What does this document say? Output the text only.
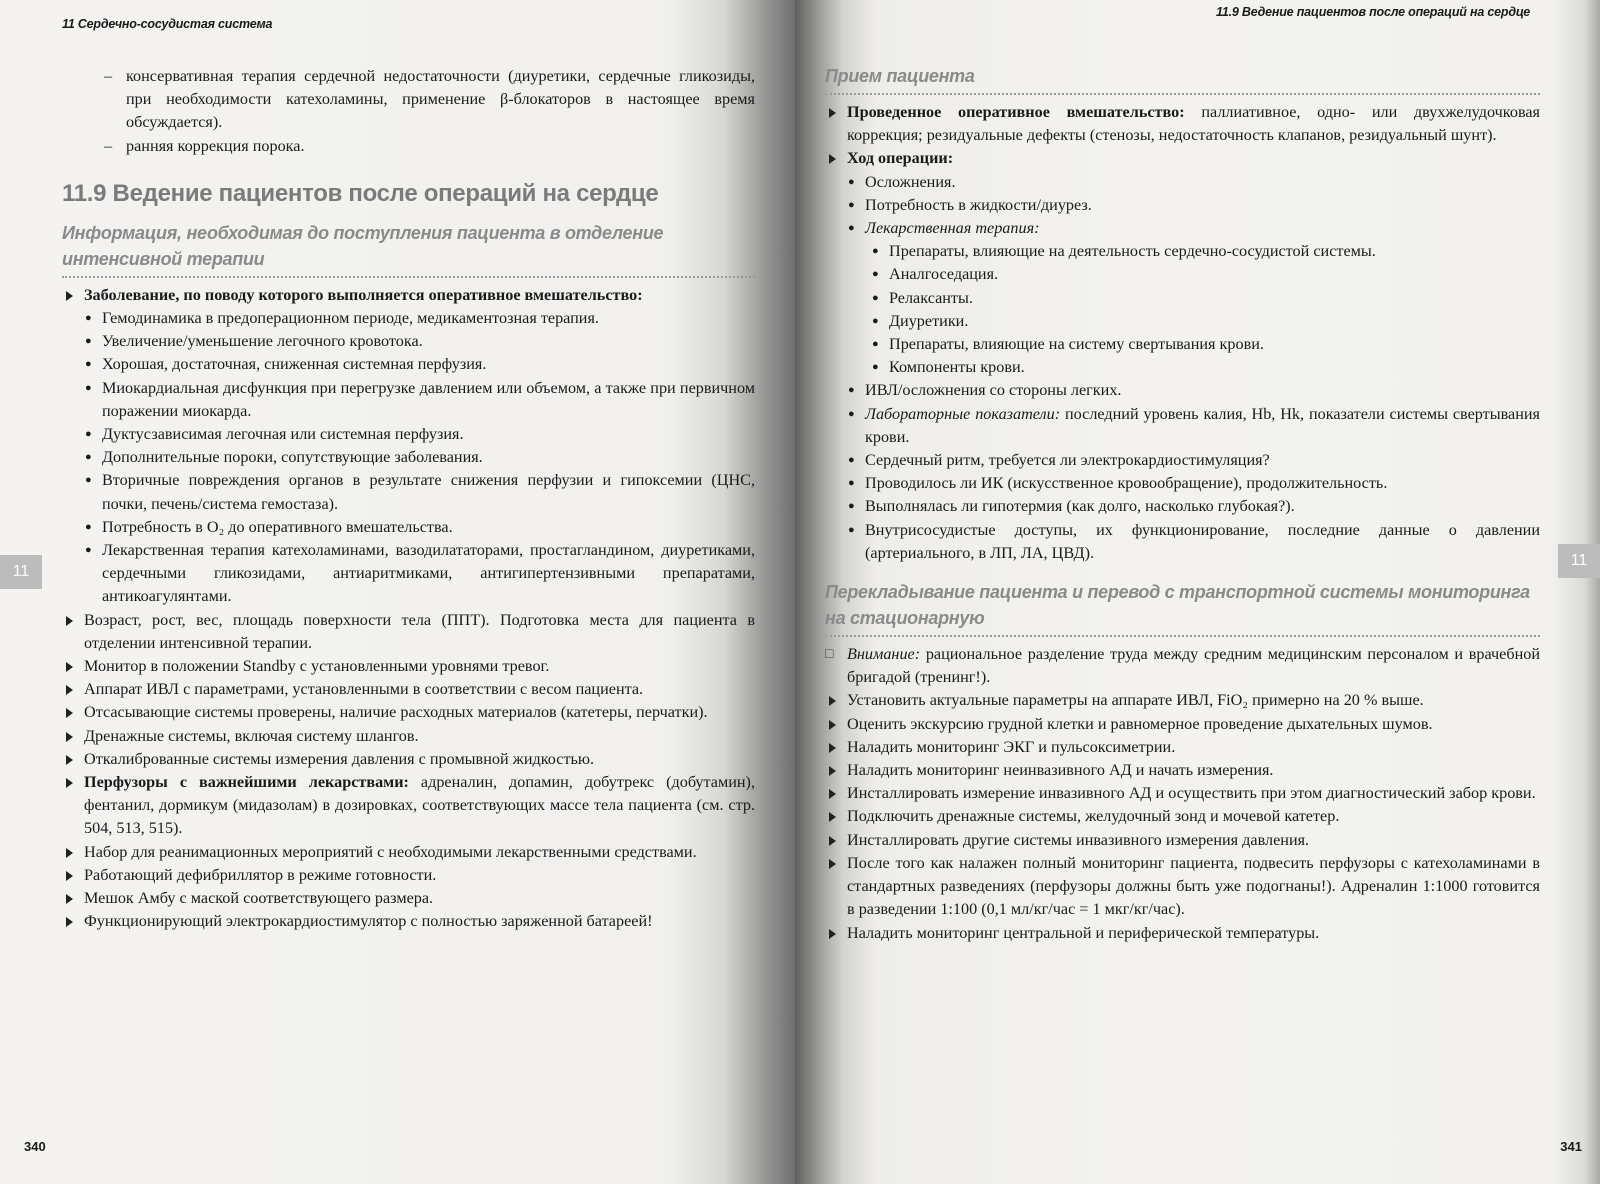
11 Сердечно-сосудистая система
– консервативная терапия сердечной недостаточности (диуретики, сердечные гликозиды, при необходимости катехоламины, применение β-блокаторов в настоящее время обсуждается).
– ранняя коррекция порока.
11.9 Ведение пациентов после операций на сердце
Информация, необходимая до поступления пациента в отделение интенсивной терапии
Заболевание, по поводу которого выполняется оперативное вмешательство:
● Гемодинамика в предоперационном периоде, медикаментозная терапия.
● Увеличение/уменьшение легочного кровотока.
● Хорошая, достаточная, сниженная системная перфузия.
● Миокардиальная дисфункция при перегрузке давлением или объемом, а также при первичном поражении миокарда.
● Дуктусзависимая легочная или системная перфузия.
● Дополнительные пороки, сопутствующие заболевания.
● Вторичные повреждения органов в результате снижения перфузии и гипоксемии (ЦНС, почки, печень/система гемостаза).
● Потребность в O₂ до оперативного вмешательства.
● Лекарственная терапия катехоламинами, вазодилататорами, простагландином, диуретиками, сердечными гликозидами, антиаритмиками, антигипертензивными препаратами, антикоагулянтами.
Возраст, рост, вес, площадь поверхности тела (ППТ). Подготовка места для пациента в отделении интенсивной терапии.
Монитор в положении Standby с установленными уровнями тревог.
Аппарат ИВЛ с параметрами, установленными в соответствии с весом пациента.
Отсасывающие системы проверены, наличие расходных материалов (катетеры, перчатки).
Дренажные системы, включая систему шлангов.
Откалиброванные системы измерения давления с промывной жидкостью.
Перфузоры с важнейшими лекарствами: адреналин, допамин, добутрекс (добутамин), фентанил, дормикум (мидазолам) в дозировках, соответствующих массе тела пациента (см. стр. 504, 513, 515).
Набор для реанимационных мероприятий с необходимыми лекарственными средствами.
Работающий дефибриллятор в режиме готовности.
Мешок Амбу с маской соответствующего размера.
Функционирующий электрокардиостимулятор с полностью заряженной батареей!
11
340
11.9 Ведение пациентов после операций на сердце
Прием пациента
Проведенное оперативное вмешательство: паллиативное, одно- или двухжелудочковая коррекция; резидуальные дефекты (стенозы, недостаточность клапанов, резидуальный шунт).
Ход операции:
● Осложнения.
● Потребность в жидкости/диурез.
● Лекарственная терапия:
● Препараты, влияющие на деятельность сердечно-сосудистой системы.
● Аналгоседация.
● Релаксанты.
● Диуретики.
● Препараты, влияющие на систему свертывания крови.
● Компоненты крови.
● ИВЛ/осложнения со стороны легких.
● Лабораторные показатели: последний уровень калия, Hb, Hk, показатели системы свертывания крови.
● Сердечный ритм, требуется ли электрокардиостимуляция?
● Проводилось ли ИК (искусственное кровообращение), продолжительность.
● Выполнялась ли гипотермия (как долго, насколько глубокая?).
● Внутрисосудистые доступы, их функционирование, последние данные о давлении (артериального, в ЛП, ЛА, ЦВД).
Перекладывание пациента и перевод с транспортной системы мониторинга на стационарную
□ Внимание: рациональное разделение труда между средним медицинским персоналом и врачебной бригадой (тренинг!).
Установить актуальные параметры на аппарате ИВЛ, FiO₂ примерно на 20 % выше.
Оценить экскурсию грудной клетки и равномерное проведение дыхательных шумов.
Наладить мониторинг ЭКГ и пульсоксиметрии.
Наладить мониторинг неинвазивного АД и начать измерения.
Инсталлировать измерение инвазивного АД и осуществить при этом диагностический забор крови.
Подключить дренажные системы, желудочный зонд и мочевой катетер.
Инсталлировать другие системы инвазивного измерения давления.
После того как налажен полный мониторинг пациента, подвесить перфузоры с катехоламинами в стандартных разведениях (перфузоры должны быть уже подогнаны!). Адреналин 1:1000 готовится в разведении 1:100 (0,1 мл/кг/час = 1 мкг/кг/час).
Наладить мониторинг центральной и периферической температуры.
11
341
